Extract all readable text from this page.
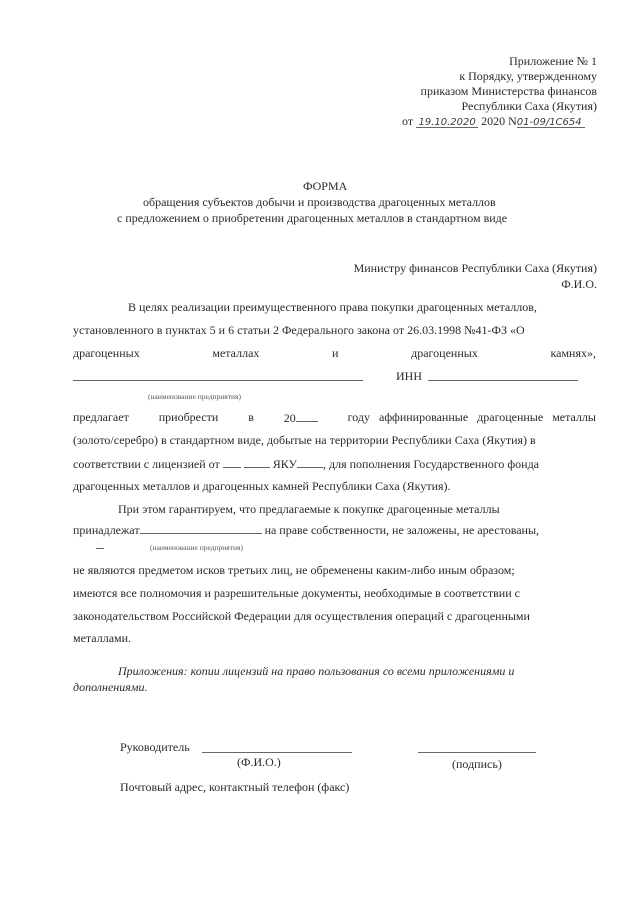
Приложение № 1
к Порядку, утвержденному
приказом Министерства финансов
Республики Саха (Якутия)
от 19.10.2020 2020 N01-09/1С654
ФОРМА
обращения субъектов добычи и производства драгоценных металлов
с предложением о приобретении драгоценных металлов в стандартном виде
Министру финансов Республики Саха (Якутия)
Ф.И.О.
В целях реализации преимущественного права покупки драгоценных металлов,
установленного в пунктах 5 и 6 статьи 2 Федерального закона от 26.03.1998 №41-ФЗ «О
драгоценных	металлах	и	драгоценных	камнях»,
ИНН
(наименование предприятия)
предлагает приобрести в 20	году аффинированные драгоценные металлы
(золото/серебро) в стандартном виде, добытые на территории Республики Саха (Якутия) в
соответствии с лицензией от	ЯКУ , для пополнения Государственного фонда
драгоценных металлов и драгоценных камней Республики Саха (Якутия).
При этом гарантируем, что предлагаемые к покупке драгоценные металлы
принадлежат	на праве собственности, не заложены, не арестованы,
(наименование предприятия)
не являются предметом исков третьих лиц, не обременены каким-либо иным образом;
имеются все полномочия и разрешительные документы, необходимые в соответствии с
законодательством Российской Федерации для осуществления операций с драгоценными
металлами.
Приложения: копии лицензий на право пользования со всеми приложениями и
дополнениями.
Руководитель
(Ф.И.О.)	(подпись)
Почтовый адрес, контактный телефон (факс)
